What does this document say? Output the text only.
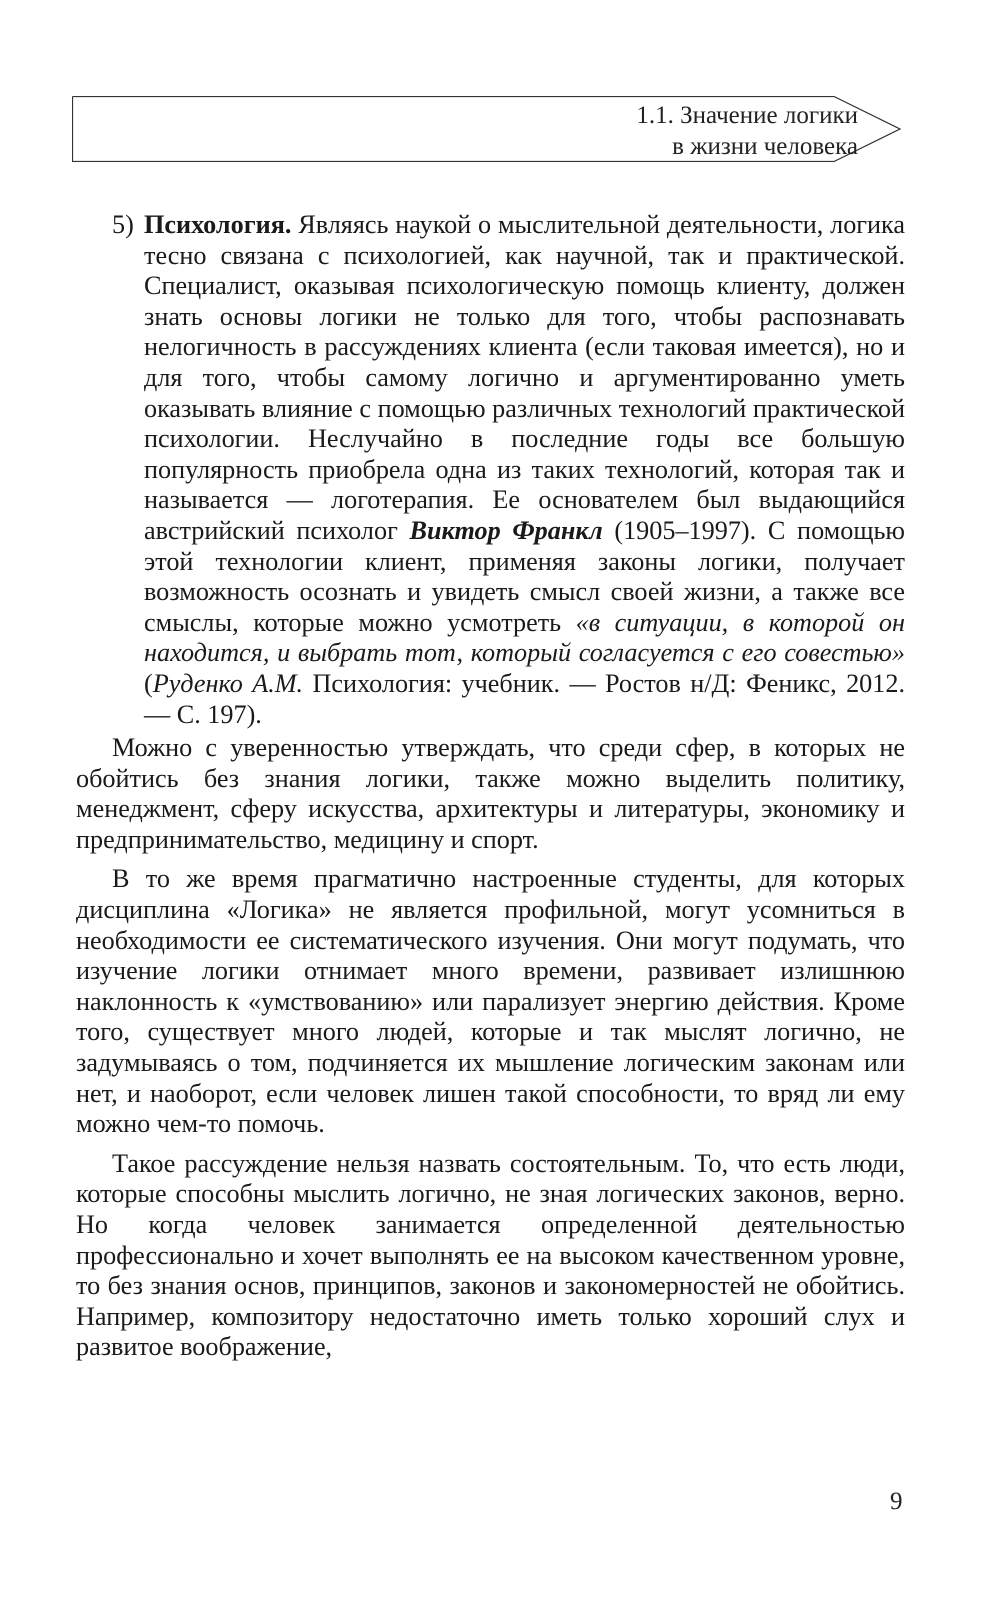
1.1. Значение логики
в жизни человека

5) Психология. Являясь наукой о мыслительной деятельности, логика тесно связана с психологией, как научной, так и практической. Специалист, оказывая психологическую помощь клиенту, должен знать основы логики не только для того, чтобы распознавать нелогичность в рассуждениях клиента (если таковая имеется), но и для того, чтобы самому логично и аргументированно уметь оказывать влияние с помощью различных технологий практической психологии. Неслучайно в последние годы все большую популярность приобрела одна из таких технологий, которая так и называется — логотерапия. Ее основателем был выдающийся австрийский психолог Виктор Франкл (1905–1997). С помощью этой технологии клиент, применяя законы логики, получает возможность осознать и увидеть смысл своей жизни, а также все смыслы, которые можно усмотреть «в ситуации, в которой он находится, и выбрать тот, который согласуется с его совестью» (Руденко А.М. Психология: учебник. — Ростов н/Д: Феникс, 2012. — С. 197).

Можно с уверенностью утверждать, что среди сфер, в которых не обойтись без знания логики, также можно выделить политику, менеджмент, сферу искусства, архитектуры и литературы, экономику и предпринимательство, медицину и спорт.

В то же время прагматично настроенные студенты, для которых дисциплина «Логика» не является профильной, могут усомниться в необходимости ее систематического изучения. Они могут подумать, что изучение логики отнимает много времени, развивает излишнюю наклонность к «умствованию» или парализует энергию действия. Кроме того, существует много людей, которые и так мыслят логично, не задумываясь о том, подчиняется их мышление логическим законам или нет, и наоборот, если человек лишен такой способности, то вряд ли ему можно чем-то помочь.

Такое рассуждение нельзя назвать состоятельным. То, что есть люди, которые способны мыслить логично, не зная логических законов, верно. Но когда человек занимается определенной деятельностью профессионально и хочет выполнять ее на высоком качественном уровне, то без знания основ, принципов, законов и закономерностей не обойтись. Например, композитору недостаточно иметь только хороший слух и развитое воображение,

9
